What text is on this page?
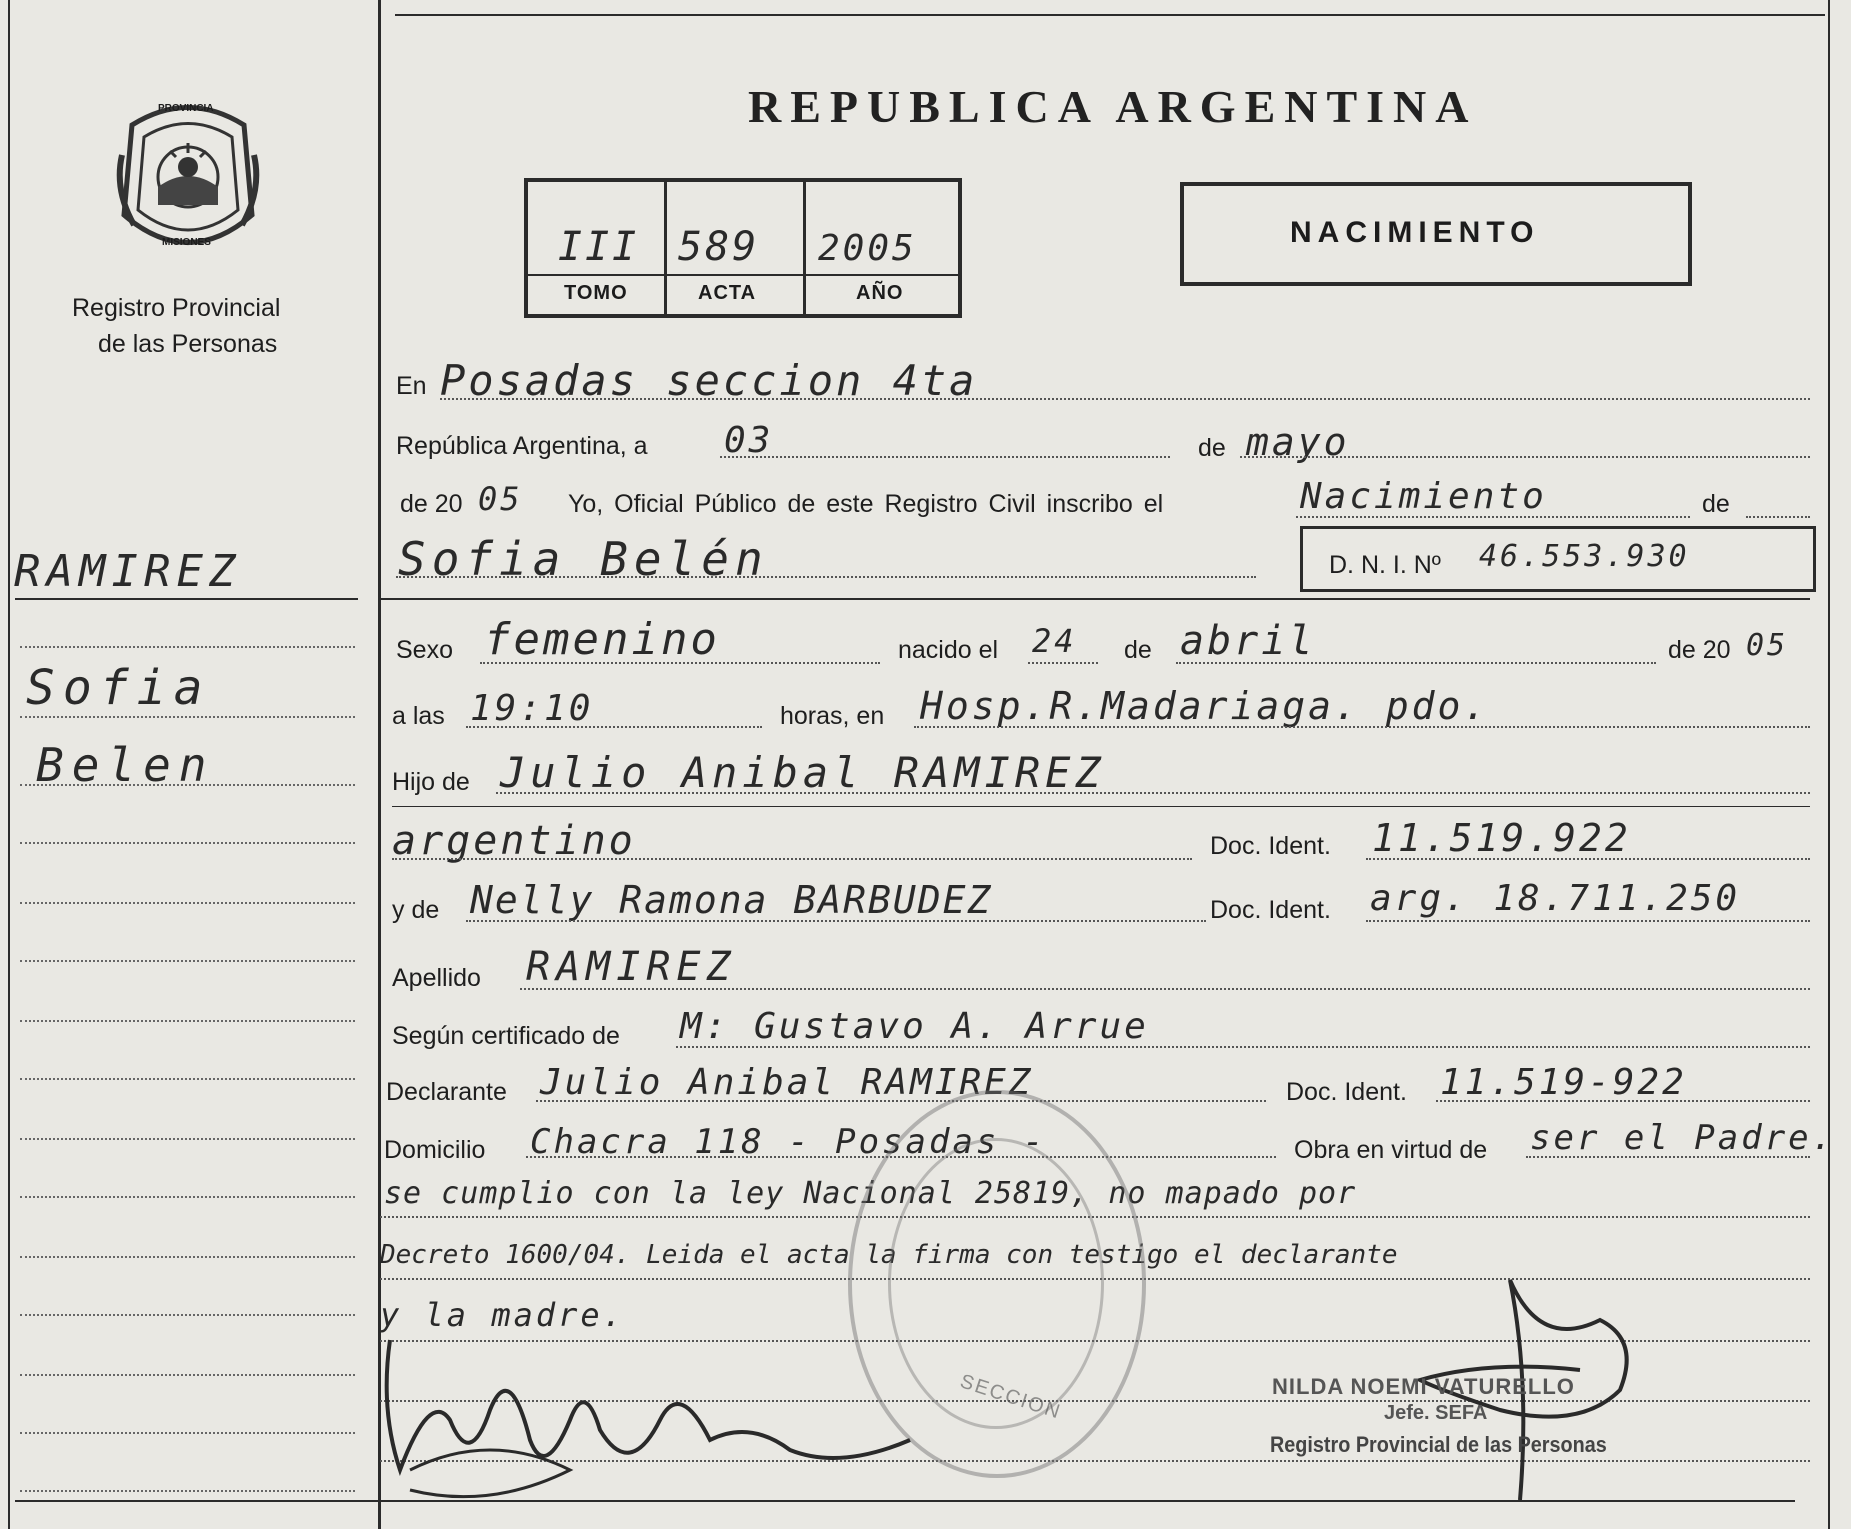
PROVINCIA
MISIONES
Registro Provincial
de las Personas
RAMIREZ
Sofia
Belen
REPUBLICA ARGENTINA
III 589 2005
TOMO	ACTA	AÑO
NACIMIENTO
En Posadas seccion 4ta
República Argentina, a 03	de mayo
de 20 05 Yo, Oficial Público de este Registro Civil inscribo el	Nacimiento	de
Sofia Belén	D. N. I. Nº 46.553.930
Sexo femenino	nacido el 24 de abril	de 20 05
a las 19:10	horas, en Hosp.R.Madariaga. pdo.
Hijo de Julio Anibal RAMIREZ
argentino	Doc. Ident. 11.519.922
y de Nelly Ramona BARBUDEZ	Doc. Ident. arg. 18.711.250
Apellido RAMIREZ
Según certificado de M: Gustavo A. Arrue
Declarante Julio Anibal RAMIREZ	Doc. Ident. 11.519-922
Domicilio Chacra 118 - Posadas -	Obra en virtud de ser el Padre.
se cumplio con la ley Nacional 25819, no mapado por
Decreto 1600/04. Leida el acta la firma con testigo el declarante
y la madre.
SECCION	NILDA NOEMI VATURELLO
Jefe. SEFA
Registro Provincial de las Personas
